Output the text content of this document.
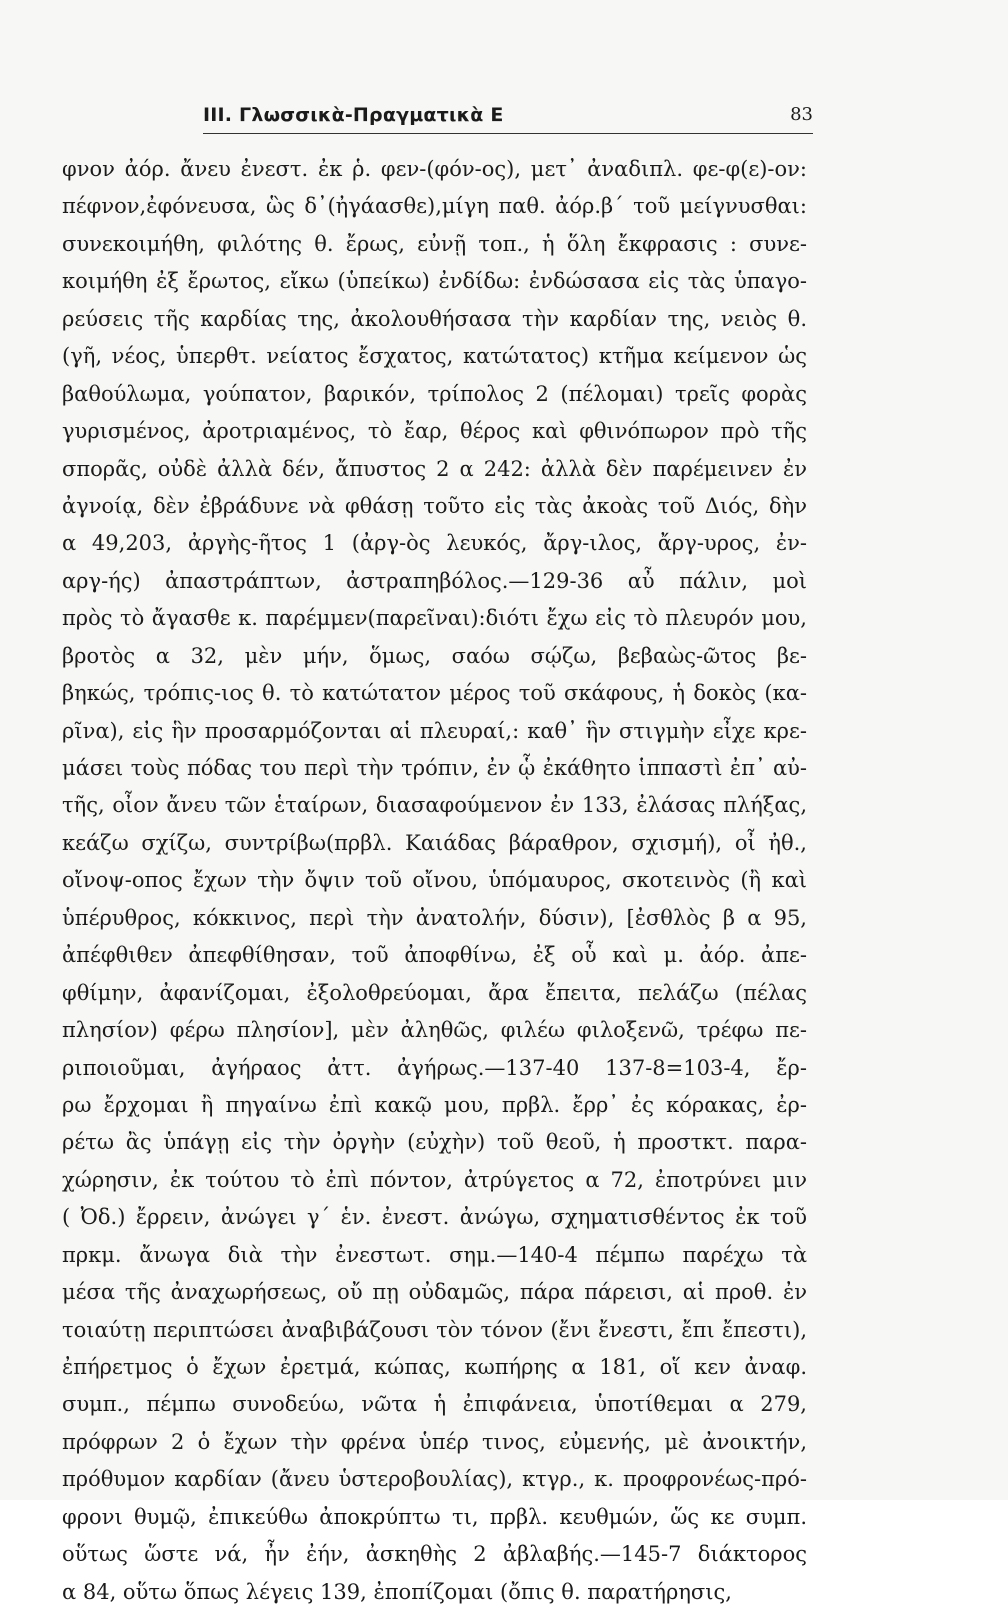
III. Γλωσσικὰ-Πραγματικὰ Ε	83
φνον ἀόρ. ἄνευ ἐνεστ. ἐκ ῥ. φεν-(φόν-ος), μετ᾽ ἀναδιπλ. φε-φ(ε)-ον:
πέφνον,ἐφόνευσα, ὣς δ᾽(ἠγάασθε),μίγη παθ. ἀόρ.β΄ τοῦ μείγνυσθαι:
συνεκοιμήθη, φιλότης θ. ἔρως, εὐνῇ τοπ., ἡ ὅλη ἔκφρασις : συνε-
κοιμήθη ἐξ ἔρωτος, εἴκω (ὑπείκω) ἐνδίδω: ἐνδώσασα εἰς τὰς ὑπαγο-
ρεύσεις τῆς καρδίας της, ἀκολουθήσασα τὴν καρδίαν της, νειὸς θ.
(γῆ, νέος, ὑπερθτ. νείατος ἔσχατος, κατώτατος) κτῆμα κείμενον ὡς
βαθούλωμα, γούπατον, βαρικόν, τρίπολος 2 (πέλομαι) τρεῖς φορὰς
γυρισμένος, ἀροτριαμένος, τὸ ἔαρ, θέρος καὶ φθινόπωρον πρὸ τῆς
σπορᾶς, οὐδὲ ἀλλὰ δέν, ἄπυστος 2 α 242: ἀλλὰ δὲν παρέμεινεν ἐν
ἀγνοίᾳ, δὲν ἐβράδυνε νὰ φθάσῃ τοῦτο εἰς τὰς ἀκοὰς τοῦ Διός, δὴν
α 49,203, ἀργὴς-ῆτος 1 (ἀργ-ὸς λευκός, ἄργ-ιλος, ἄργ-υρος, ἐν-
αργ-ής) ἀπαστράπτων, ἀστραπηβόλος.—129-36 αὖ πάλιν, μοὶ
πρὸς τὸ ἄγασθε κ. παρέμμεν(παρεῖναι):διότι ἔχω εἰς τὸ πλευρόν μου,
βροτὸς α 32, μὲν μήν, ὅμως, σαόω σῴζω, βεβαὼς-ῶτος βε-
βηκώς, τρόπις-ιος θ. τὸ κατώτατον μέρος τοῦ σκάφους, ἡ δοκὸς (κα-
ρῖνα), εἰς ἣν προσαρμόζονται αἱ πλευραί,: καθ᾽ ἣν στιγμὴν εἶχε κρε-
μάσει τοὺς πόδας του περὶ τὴν τρόπιν, ἐν ᾧ ἐκάθητο ἱππαστὶ ἐπ᾽ αὐ-
τῆς, οἶον ἄνευ τῶν ἑταίρων, διασαφούμενον ἐν 133, ἐλάσας πλήξας,
κεάζω σχίζω, συντρίβω(πρβλ. Καιάδας βάραθρον, σχισμή), οἶ ἠθ.,
οἴνοψ-οπος ἔχων τὴν ὄψιν τοῦ οἴνου, ὑπόμαυρος, σκοτεινὸς (ἢ καὶ
ὑπέρυθρος, κόκκινος, περὶ τὴν ἀνατολήν, δύσιν), [ἐσθλὸς β α 95,
ἀπέφθιθεν ἀπεφθίθησαν, τοῦ ἀποφθίνω, ἐξ οὗ καὶ μ. ἀόρ. ἀπε-
φθίμην, ἀφανίζομαι, ἐξολοθρεύομαι, ἄρα ἔπειτα, πελάζω (πέλας
πλησίον) φέρω πλησίον], μὲν ἀληθῶς, φιλέω φιλοξενῶ, τρέφω πε-
ριποιοῦμαι, ἀγήραος ἀττ. ἀγήρως.—137-40 137-8=103-4, ἔρ-
ρω ἔρχομαι ἢ πηγαίνω ἐπὶ κακῷ μου, πρβλ. ἔρρ᾽ ἐς κόρακας, ἐρ-
ρέτω ἂς ὑπάγῃ εἰς τὴν ὀργὴν (εὐχὴν) τοῦ θεοῦ, ἡ προστκτ. παρα-
χώρησιν, ἐκ τούτου τὸ ἐπὶ πόντον, ἀτρύγετος α 72, ἐποτρύνει μιν
( Ὀδ.) ἔρρειν, ἀνώγει γ΄ ἑν. ἐνεστ. ἀνώγω, σχηματισθέντος ἐκ τοῦ
πρκμ. ἄνωγα διὰ τὴν ἐνεστωτ. σημ.—140-4 πέμπω παρέχω τὰ
μέσα τῆς ἀναχωρήσεως, οὔ πῃ οὐδαμῶς, πάρα πάρεισι, αἱ προθ. ἐν
τοιαύτῃ περιπτώσει ἀναβιβάζουσι τὸν τόνον (ἔνι ἔνεστι, ἔπι ἔπεστι),
ἐπήρετμος ὁ ἔχων ἐρετμά, κώπας, κωπήρης α 181, οἵ κεν ἀναφ.
συμπ., πέμπω συνοδεύω, νῶτα ἡ ἐπιφάνεια, ὑποτίθεμαι α 279,
πρόφρων 2 ὁ ἔχων τὴν φρένα ὑπέρ τινος, εὐμενής, μὲ ἀνοικτήν,
πρόθυμον καρδίαν (ἄνευ ὑστεροβουλίας), κτγρ., κ. προφρονέως-πρό-
φρονι θυμῷ, ἐπικεύθω ἀποκρύπτω τι, πρβλ. κευθμών, ὥς κε συμπ.
οὕτως ὥστε νά, ἦν ἐήν, ἀσκηθὴς 2 ἀβλαβής.—145-7 διάκτορος
α 84, οὕτω ὅπως λέγεις 139, ἐποπίζομαι (ὄπις θ. παρατήρησις,
